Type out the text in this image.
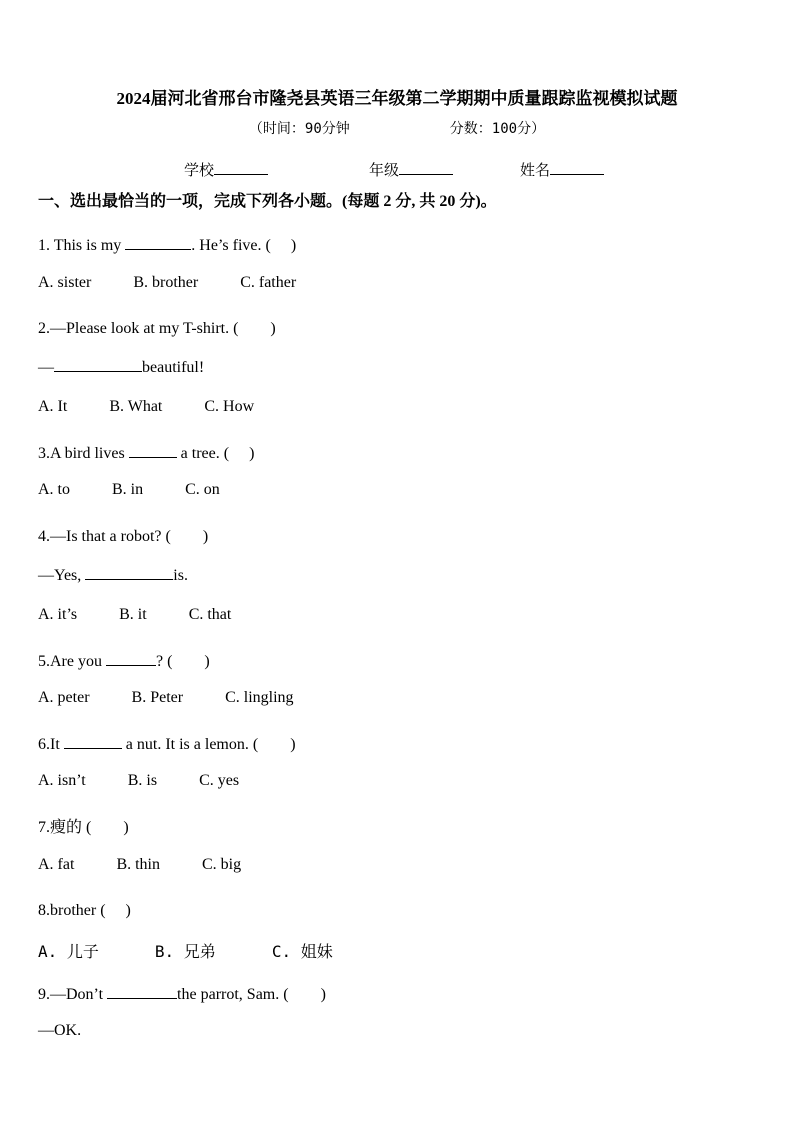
2024届河北省邢台市隆尧县英语三年级第二学期期中质量跟踪监视模拟试题
（时间：90分钟	分数：100分）
学校	年级	姓名
一、选出最恰当的一项，完成下列各小题。(每题 2 分, 共 20 分)。
1. This is my	. He’s five. (　 )
A. sister	B. brother	C. father
2.—Please look at my T-shirt. (　　)
—	beautiful!
A. It	B. What	C. How
3.A bird lives	a tree. (　 )
A. to	B. in	C. on
4.—Is that a robot? (　　)
—Yes,	is.
A. it’s	B. it	C. that
5.Are you	? (　　)
A. peter	B. Peter	C. lingling
6.It	a nut. It is a lemon. (　　)
A. isn’t	B. is	C. yes
7.瘦的 (　　)
A. fat	B. thin	C. big
8.brother (　 )
A. 儿子	B. 兄弟	C. 姐妹
9.—Don’t	the parrot, Sam. (　　)
—OK.
